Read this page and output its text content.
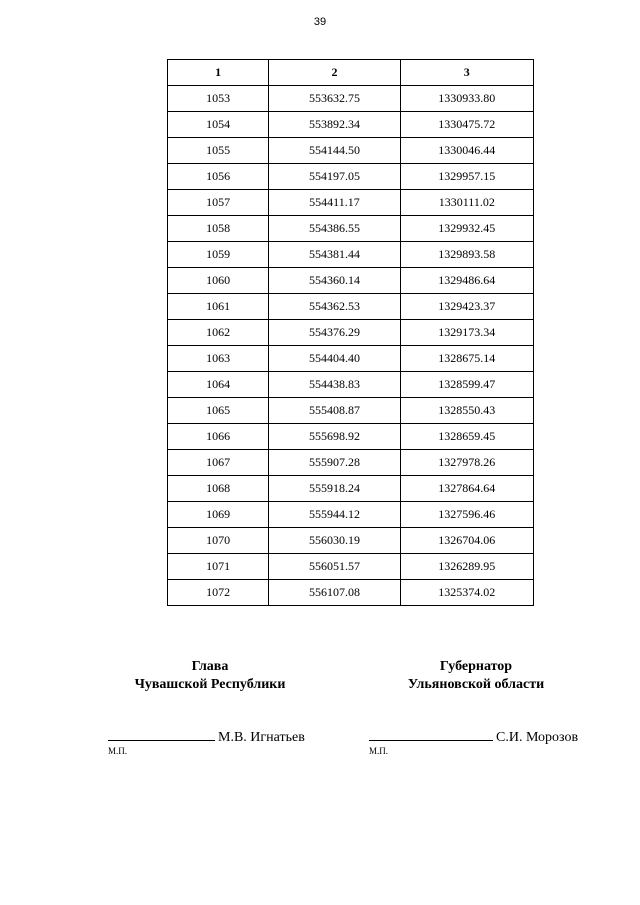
39
1	2	3
1053	553632.75	1330933.80
1054	553892.34	1330475.72
1055	554144.50	1330046.44
1056	554197.05	1329957.15
1057	554411.17	1330111.02
1058	554386.55	1329932.45
1059	554381.44	1329893.58
1060	554360.14	1329486.64
1061	554362.53	1329423.37
1062	554376.29	1329173.34
1063	554404.40	1328675.14
1064	554438.83	1328599.47
1065	555408.87	1328550.43
1066	555698.92	1328659.45
1067	555907.28	1327978.26
1068	555918.24	1327864.64
1069	555944.12	1327596.46
1070	556030.19	1326704.06
1071	556051.57	1326289.95
1072	556107.08	1325374.02
Глава
Чувашской Республики
Губернатор
Ульяновской области
М.В. Игнатьев	С.И. Морозов
М.П.	М.П.
